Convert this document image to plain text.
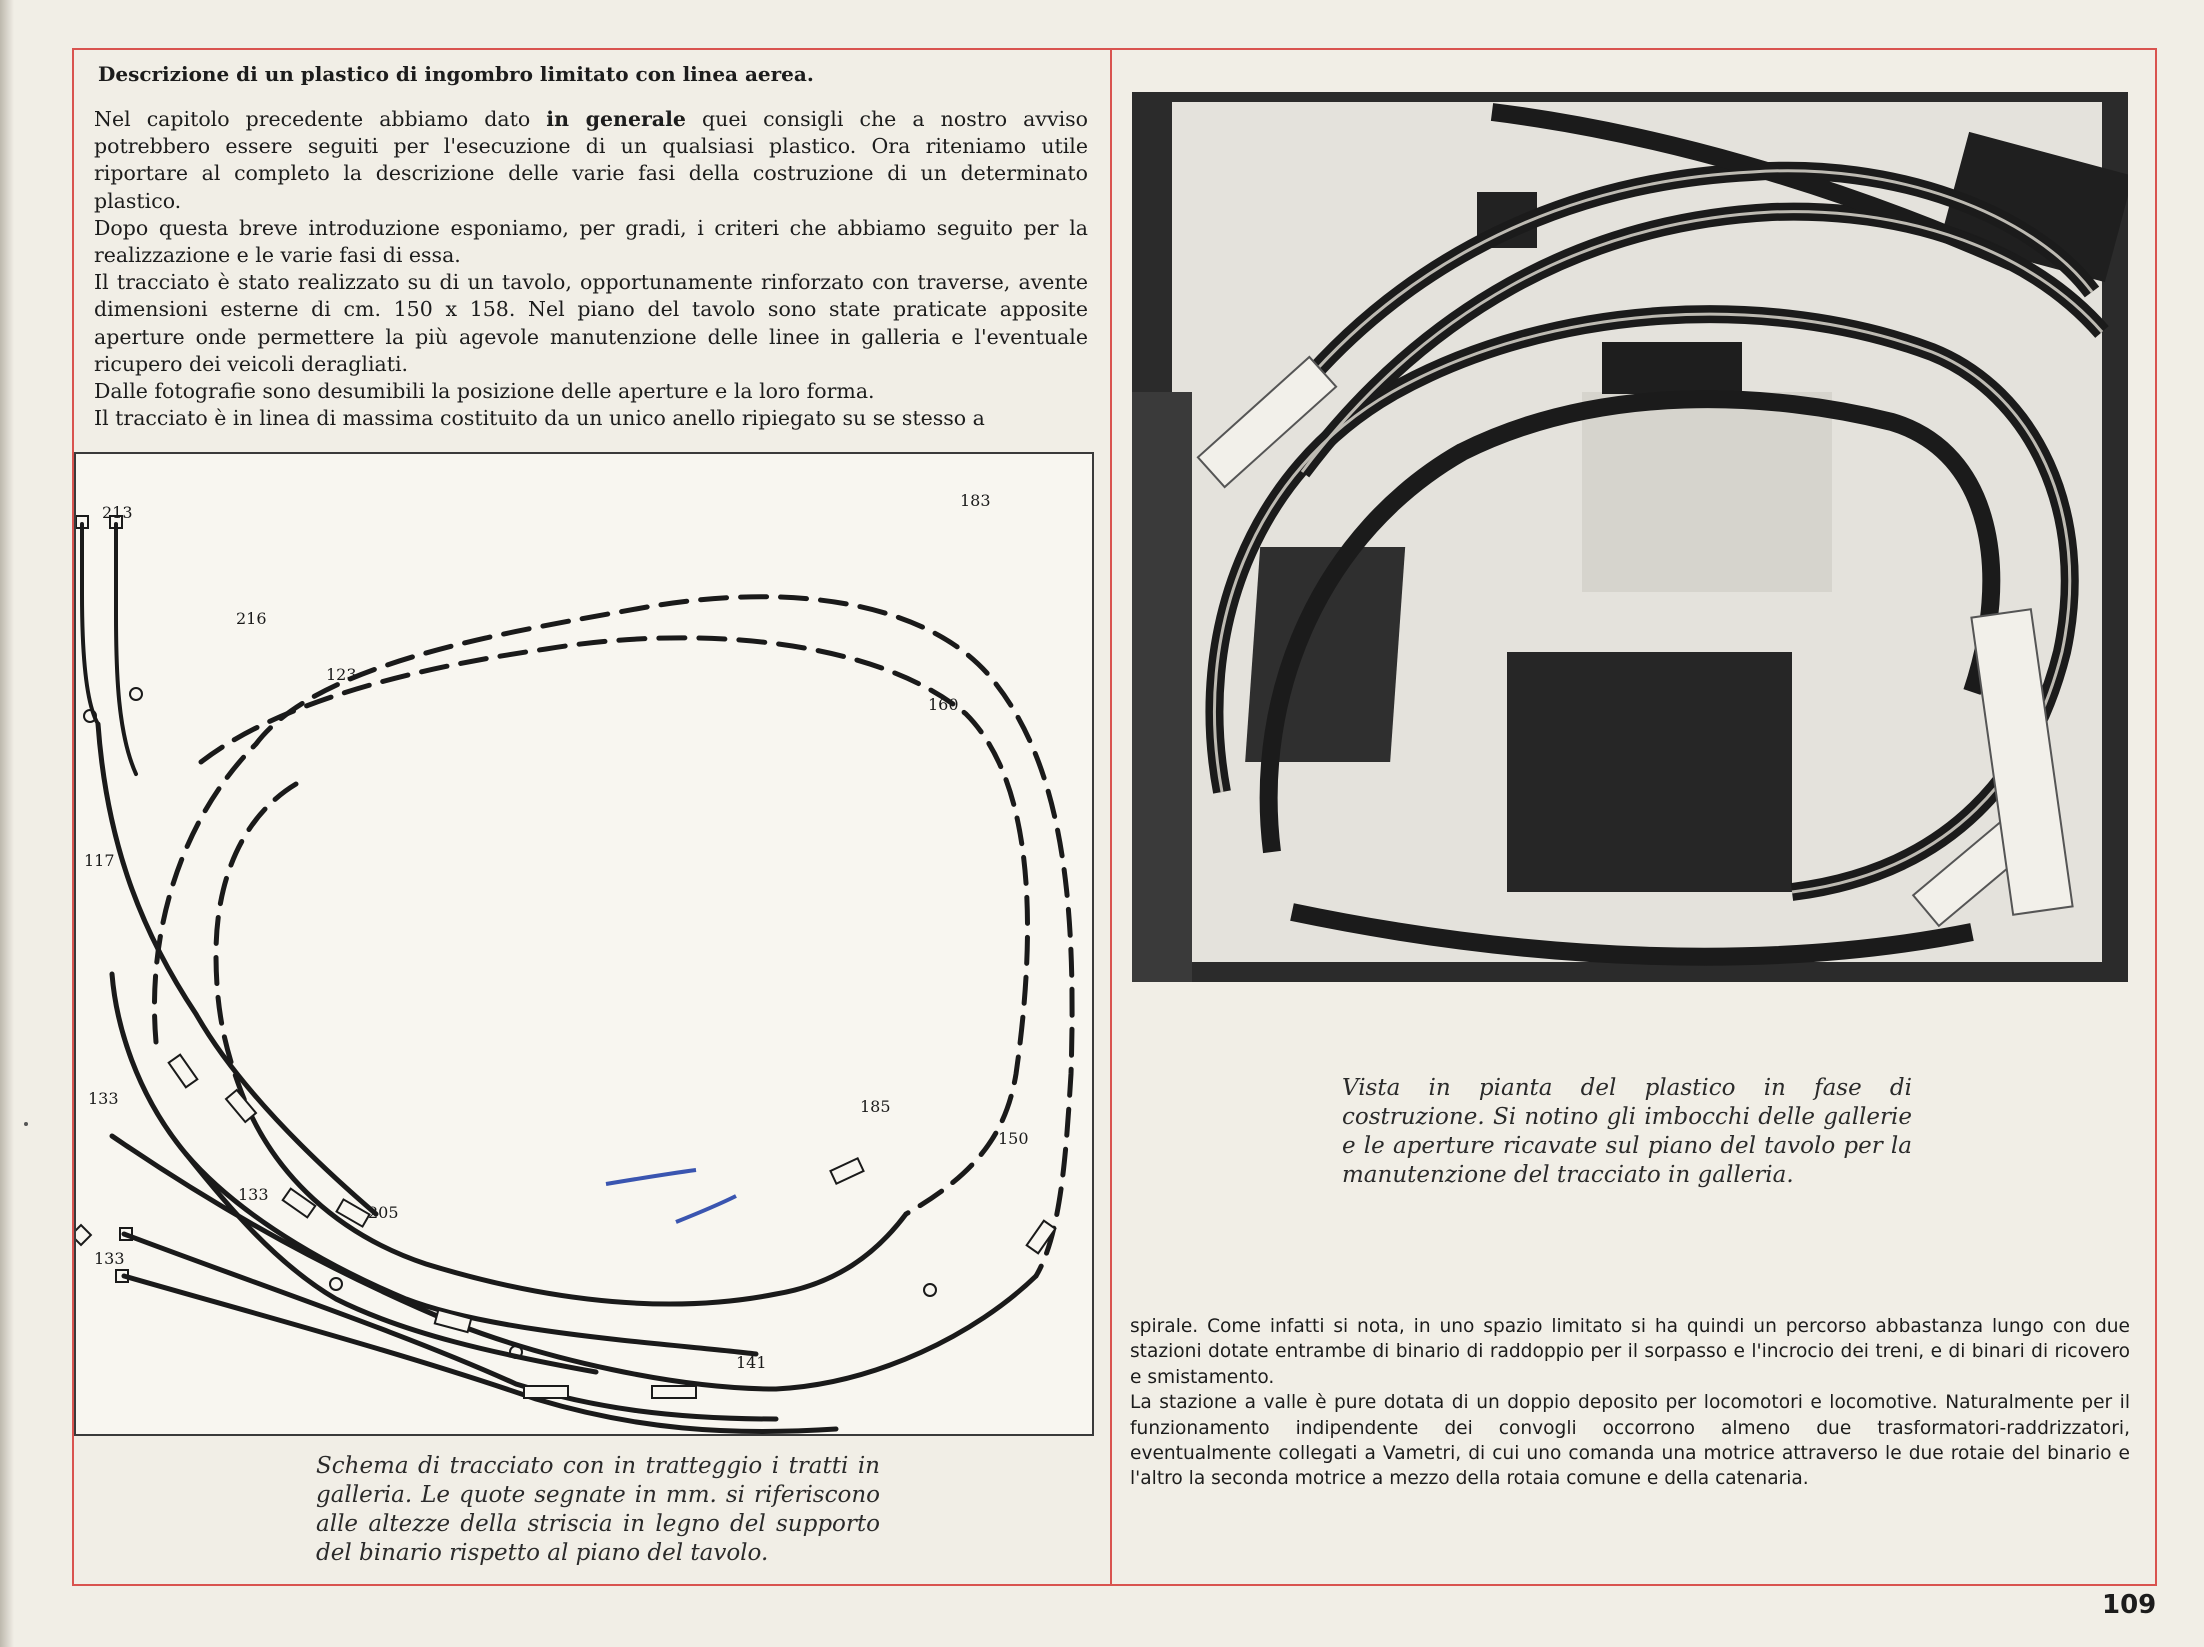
Descrizione di un plastico di ingombro limitato con linea aerea.

Nel capitolo precedente abbiamo dato in generale quei consigli che a nostro avviso potrebbero essere seguiti per l'esecuzione di un qualsiasi plastico. Ora riteniamo utile riportare al completo la descrizione delle varie fasi della costruzione di un determinato plastico.

Dopo questa breve introduzione esponiamo, per gradi, i criteri che abbiamo seguito per la realizzazione e le varie fasi di essa.

Il tracciato è stato realizzato su di un tavolo, opportunamente rinforzato con traverse, avente dimensioni esterne di cm. 150 x 158. Nel piano del tavolo sono state praticate apposite aperture onde permettere la più agevole manutenzione delle linee in galleria e l'eventuale ricupero dei veicoli deragliati.

Dalle fotografie sono desumibili la posizione delle aperture e la loro forma.

Il tracciato è in linea di massima costituito da un unico anello ripiegato su se stesso a

213
216
123
183
160
117
133
133
133
205
185
150
141
Schema di tracciato con in tratteggio i tratti in galleria. Le quote segnate in mm. si riferiscono alle altezze della striscia in legno del supporto del binario rispetto al piano del tavolo.
Vista in pianta del plastico in fase di costruzione. Si notino gli imbocchi delle gallerie e le aperture ricavate sul piano del tavolo per la manutenzione del tracciato in galleria.

spirale. Come infatti si nota, in uno spazio limitato si ha quindi un percorso abbastanza lungo con due stazioni dotate entrambe di binario di raddoppio per il sorpasso e l'incrocio dei treni, e di binari di ricovero e smistamento.

La stazione a valle è pure dotata di un doppio deposito per locomotori e locomotive. Naturalmente per il funzionamento indipendente dei convogli occorrono almeno due trasformatori-raddrizzatori, eventualmente collegati a Vametri, di cui uno comanda una motrice attraverso le due rotaie del binario e l'altro la seconda motrice a mezzo della rotaia comune e della catenaria.

109
